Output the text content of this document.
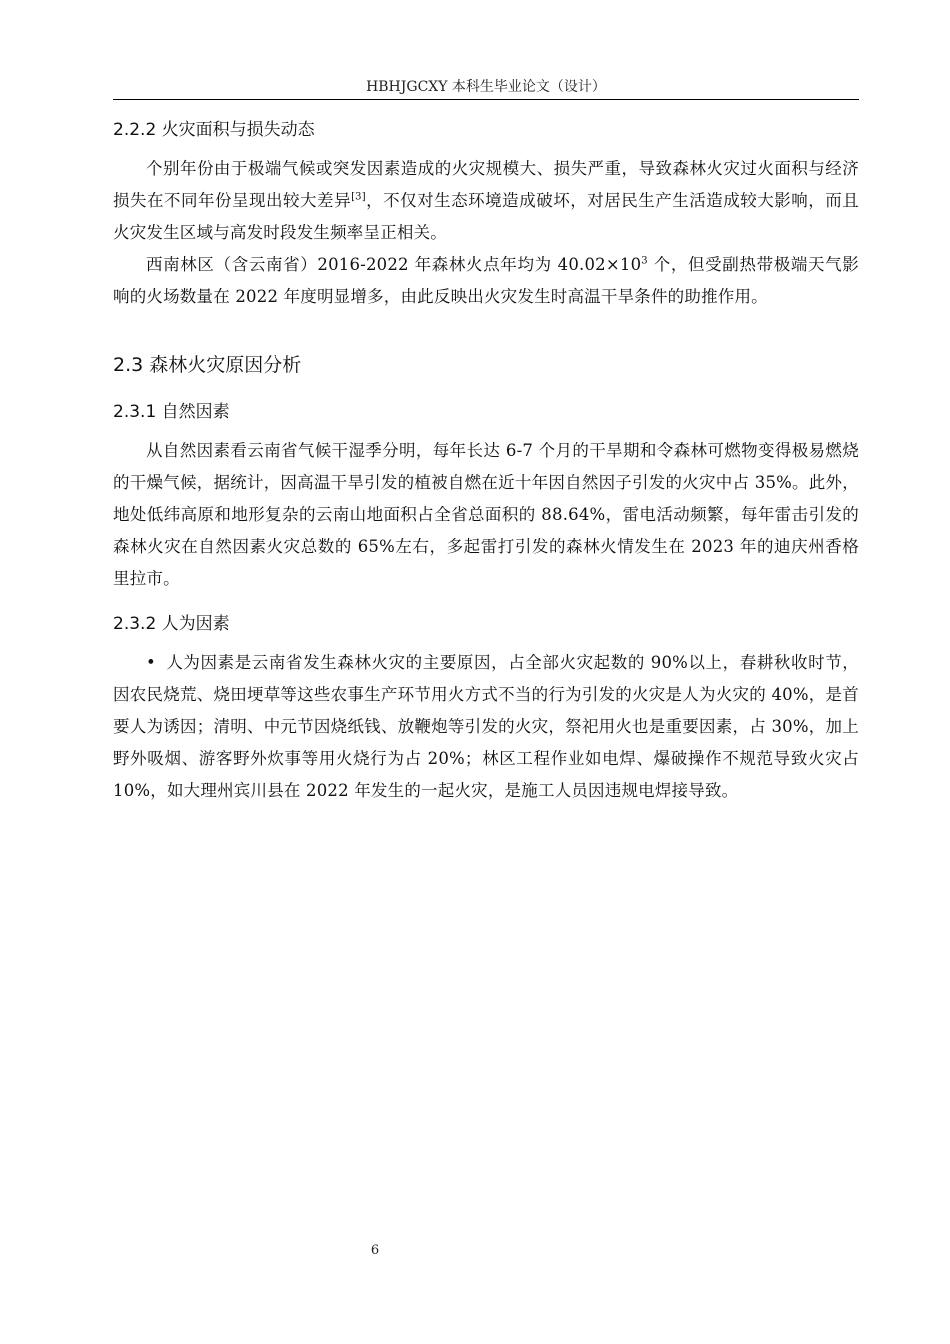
HBHJGCXY 本科生毕业论文（设计）
2.2.2 火灾面积与损失动态

个别年份由于极端气候或突发因素造成的火灾规模大、损失严重，导致森林火灾过火面积与经济损失在不同年份呈现出较大差异[3]，不仅对生态环境造成破坏，对居民生产生活造成较大影响，而且火灾发生区域与高发时段发生频率呈正相关。

西南林区（含云南省）2016-2022 年森林火点年均为 $40.02\times 10^3$ 个，但受副热带极端天气影响的火场数量在 2022 年度明显增多，由此反映出火灾发生时高温干旱条件的助推作用。

2.3 森林火灾原因分析
2.3.1 自然因素

从自然因素看云南省气候干湿季分明，每年长达 6-7 个月的干旱期和令森林可燃物变得极易燃烧的干燥气候，据统计，因高温干旱引发的植被自燃在近十年因自然因子引发的火灾中占 35%。此外，地处低纬高原和地形复杂的云南山地面积占全省总面积的 88.64%，雷电活动频繁，每年雷击引发的森林火灾在自然因素火灾总数的 65%左右，多起雷打引发的森林火情发生在 2023 年的迪庆州香格里拉市。

2.3.2 人为因素

• 人为因素是云南省发生森林火灾的主要原因，占全部火灾起数的 90%以上，春耕秋收时节，因农民烧荒、烧田埂草等这些农事生产环节用火方式不当的行为引发的火灾是人为火灾的 40%，是首要人为诱因；清明、中元节因烧纸钱、放鞭炮等引发的火灾，祭祀用火也是重要因素，占 30%，加上野外吸烟、游客野外炊事等用火烧行为占 20%；林区工程作业如电焊、爆破操作不规范导致火灾占 10%，如大理州宾川县在 2022 年发生的一起火灾，是施工人员因违规电焊接导致。

6
